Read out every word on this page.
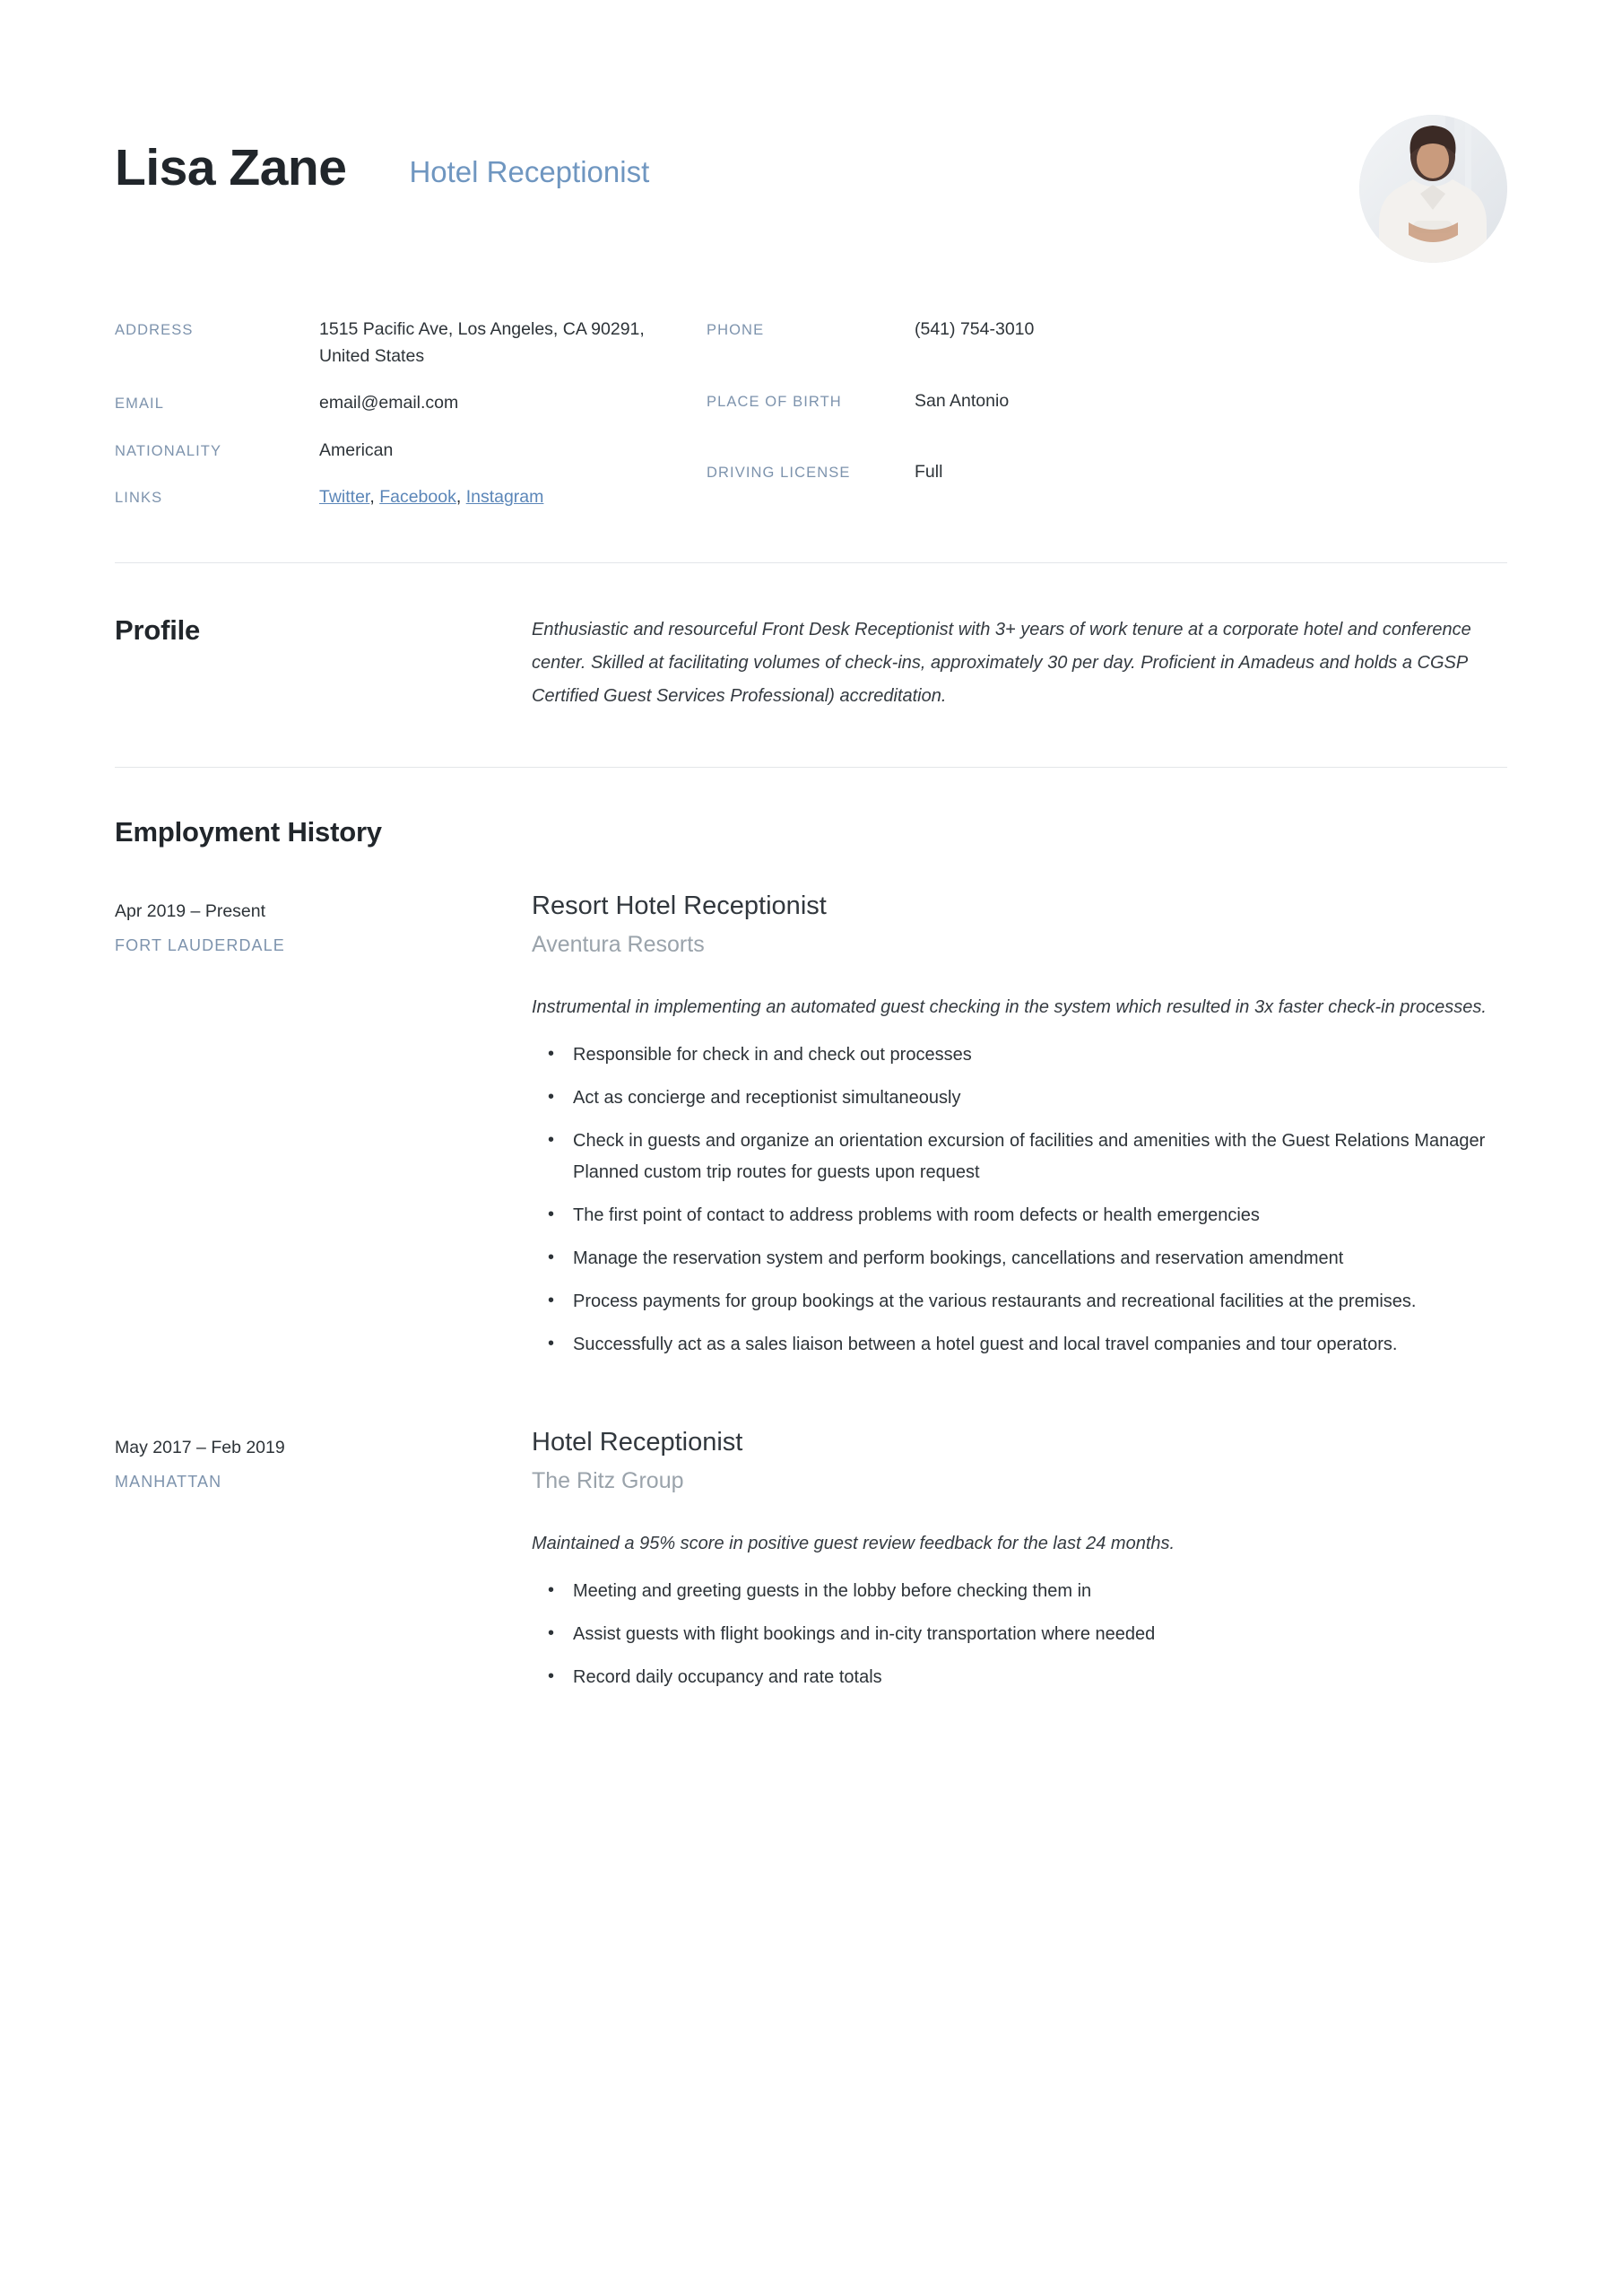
Lisa Zane Hotel Receptionist
ADDRESS	1515 Pacific Ave, Los Angeles, CA 90291, United States
EMAIL	email@email.com
NATIONALITY	American
LINKS	Twitter, Facebook, Instagram
PHONE	(541) 754-3010
PLACE OF BIRTH	San Antonio
DRIVING LICENSE	Full
Profile	Enthusiastic and resourceful Front Desk Receptionist with 3+ years of work tenure at a corporate hotel and conference center. Skilled at facilitating volumes of check-ins, approximately 30 per day. Proficient in Amadeus and holds a CGSP Certified Guest Services Professional) accreditation.
Employment History
Apr 2019 – Present
FORT LAUDERDALE
Resort Hotel Receptionist
Aventura Resorts
Instrumental in implementing an automated guest checking in the system which resulted in 3x faster check-in processes.
• Responsible for check in and check out processes
• Act as concierge and receptionist simultaneously
• Check in guests and organize an orientation excursion of facilities and amenities with the Guest Relations Manager Planned custom trip routes for guests upon request
• The first point of contact to address problems with room defects or health emergencies
• Manage the reservation system and perform bookings, cancellations and reservation amendment
• Process payments for group bookings at the various restaurants and recreational facilities at the premises.
• Successfully act as a sales liaison between a hotel guest and local travel companies and tour operators.
May 2017 – Feb 2019
MANHATTAN
Hotel Receptionist
The Ritz Group
Maintained a 95% score in positive guest review feedback for the last 24 months.
• Meeting and greeting guests in the lobby before checking them in
• Assist guests with flight bookings and in-city transportation where needed
• Record daily occupancy and rate totals
